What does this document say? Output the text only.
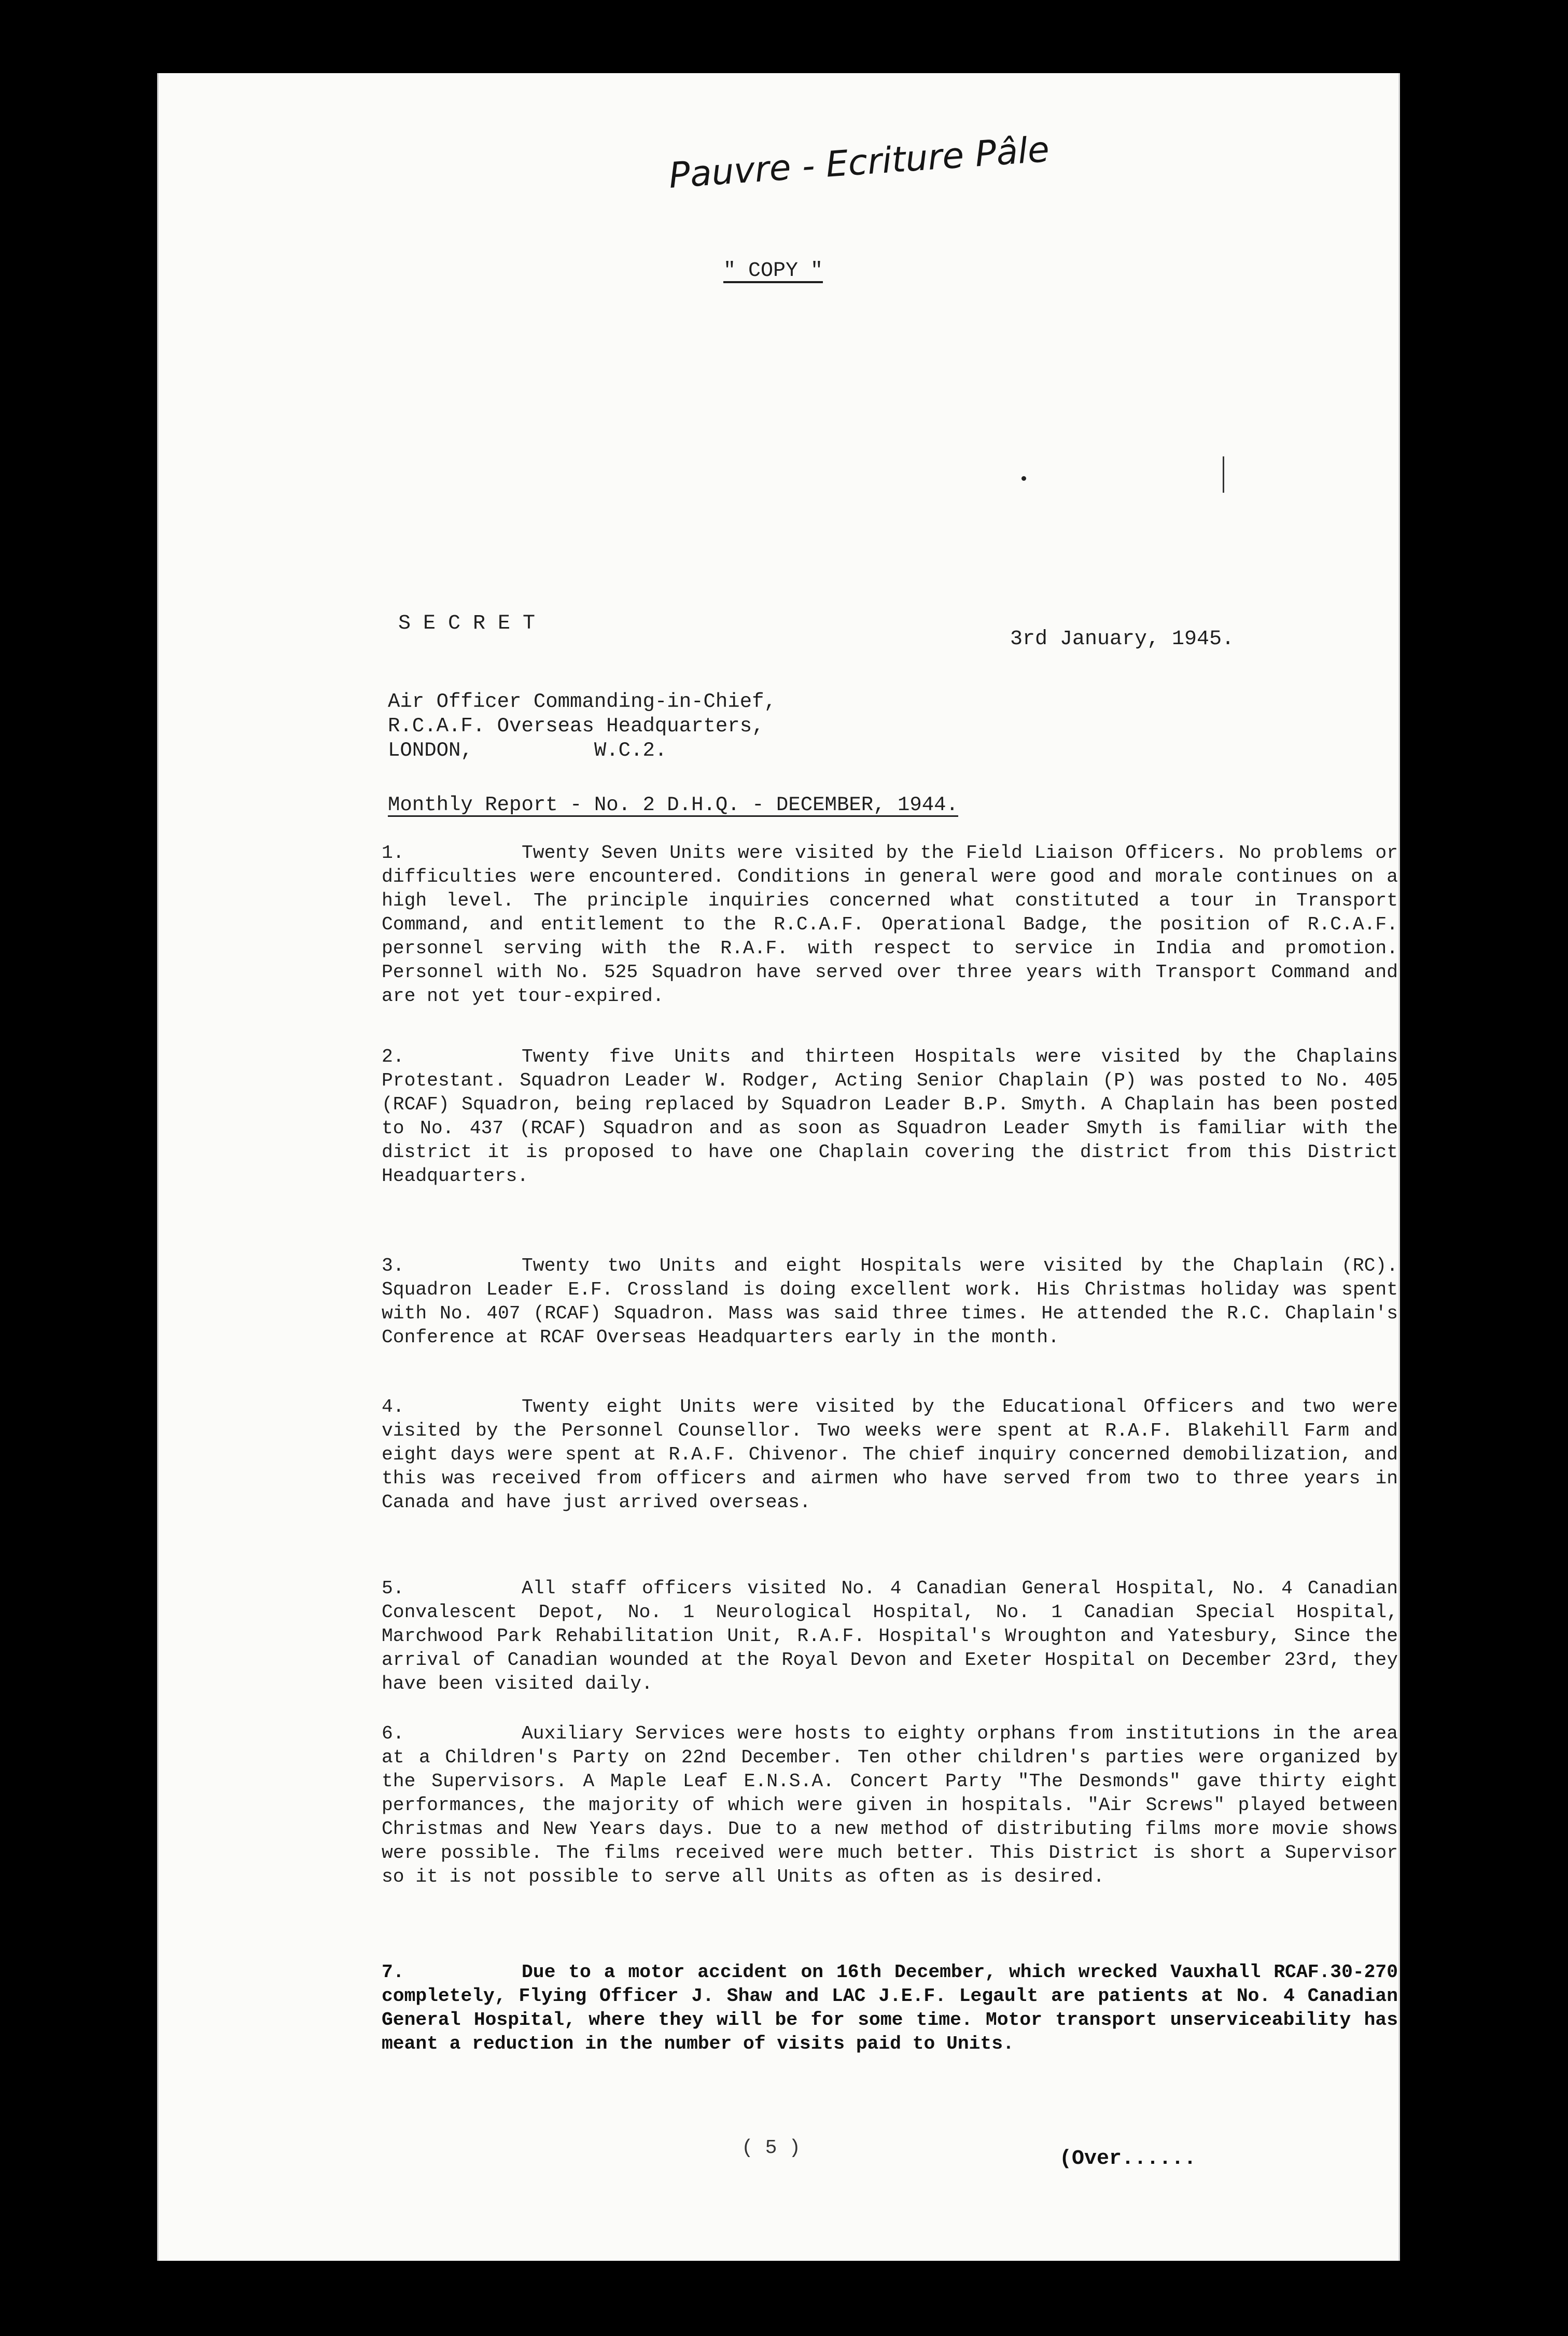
Pauvre - Ecriture Pâle
" COPY "
S E C R E T
3rd January, 1945.
Air Officer Commanding-in-Chief,
R.C.A.F. Overseas Headquarters,
LONDON,          W.C.2.
Monthly Report - No. 2 D.H.Q. - DECEMBER, 1944.
1.	Twenty Seven Units were visited by the Field Liaison Officers. No problems or difficulties were encountered. Conditions in general were good and morale continues on a high level. The principle inquiries concerned what constituted a tour in Transport Command, and entitlement to the R.C.A.F. Operational Badge, the position of R.C.A.F. personnel serving with the R.A.F. with respect to service in India and promotion. Personnel with No. 525 Squadron have served over three years with Transport Command and are not yet tour-expired.
2.	Twenty five Units and thirteen Hospitals were visited by the Chaplains Protestant. Squadron Leader W. Rodger, Acting Senior Chaplain (P) was posted to No. 405 (RCAF) Squadron, being replaced by Squadron Leader B.P. Smyth. A Chaplain has been posted to No. 437 (RCAF) Squadron and as soon as Squadron Leader Smyth is familiar with the district it is proposed to have one Chaplain covering the district from this District Headquarters.
3.	Twenty two Units and eight Hospitals were visited by the Chaplain (RC). Squadron Leader E.F. Crossland is doing excellent work. His Christmas holiday was spent with No. 407 (RCAF) Squadron. Mass was said three times. He attended the R.C. Chaplain's Conference at RCAF Overseas Headquarters early in the month.
4.	Twenty eight Units were visited by the Educational Officers and two were visited by the Personnel Counsellor. Two weeks were spent at R.A.F. Blakehill Farm and eight days were spent at R.A.F. Chivenor. The chief inquiry concerned demobilization, and this was received from officers and airmen who have served from two to three years in Canada and have just arrived overseas.
5.	All staff officers visited No. 4 Canadian General Hospital, No. 4 Canadian Convalescent Depot, No. 1 Neurological Hospital, No. 1 Canadian Special Hospital, Marchwood Park Rehabilitation Unit, R.A.F. Hospital's Wroughton and Yatesbury, Since the arrival of Canadian wounded at the Royal Devon and Exeter Hospital on December 23rd, they have been visited daily.
6.	Auxiliary Services were hosts to eighty orphans from institutions in the area at a Children's Party on 22nd December. Ten other children's parties were organized by the Supervisors. A Maple Leaf E.N.S.A. Concert Party "The Desmonds" gave thirty eight performances, the majority of which were given in hospitals. "Air Screws" played between Christmas and New Years days. Due to a new method of distributing films more movie shows were possible. The films received were much better. This District is short a Supervisor so it is not possible to serve all Units as often as is desired.
7.	Due to a motor accident on 16th December, which wrecked Vauxhall RCAF.30-270 completely, Flying Officer J. Shaw and LAC J.E.F. Legault are patients at No. 4 Canadian General Hospital, where they will be for some time. Motor transport unserviceability has meant a reduction in the number of visits paid to Units.
( 5 )	(Over......
